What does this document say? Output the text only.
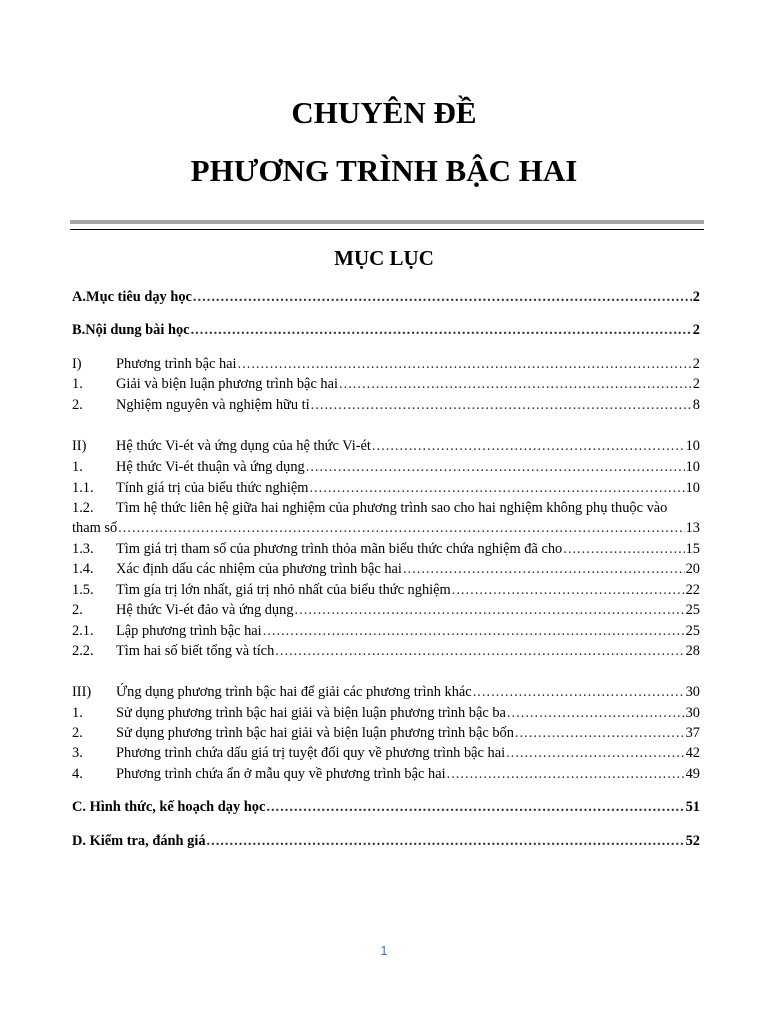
CHUYÊN ĐỀ
PHƯƠNG TRÌNH BẬC HAI
MỤC LỤC
A.Mục tiêu dạy học .....	2
B.Nội dung bài học .....	2
I)	Phương trình bậc hai .....	2
1.	Giải và biện luận phương trình bậc hai .....	2
2.	Nghiệm nguyên và nghiệm hữu tỉ .....	8
II)	Hệ thức Vi-ét và ứng dụng của hệ thức Vi-ét .....	10
1.	Hệ thức Vi-ét thuận và ứng dụng .....	10
1.1.	Tính giá trị của biểu thức nghiệm .....	10
1.2.	Tìm hệ thức liên hệ giữa hai nghiệm của phương trình sao cho hai nghiệm không phụ thuộc vào
tham số .....	13
1.3.	Tìm giá trị tham số của phương trình thỏa mãn biểu thức chứa nghiệm đã cho .....	15
1.4.	Xác định dấu các nhiệm của phương trình bậc hai .....	20
1.5.	Tìm gía trị lớn nhất, giá trị nhỏ nhất của biểu thức nghiệm .....	22
2.	Hệ thức Vi-ét đảo và ứng dụng .....	25
2.1.	Lập phương trình bậc hai .....	25
2.2.	Tìm hai số biết tổng và tích .....	28
III)	Ứng dụng phương trình bậc hai để giải các phương trình khác .....	30
1.	Sử dụng phương trình bậc hai giải và biện luận phương trình bậc ba .....	30
2.	Sử dụng phương trình bậc hai giải và biện luận phương trình bậc bốn .....	37
3.	Phương trình chứa dấu giá trị tuyệt đối quy về phương trình bậc hai .....	42
4.	Phương trình chứa ẩn ở mẫu quy về phương trình bậc hai .....	49
C. Hình thức, kế hoạch dạy học .....	51
D. Kiểm tra, đánh giá .....	52
1
